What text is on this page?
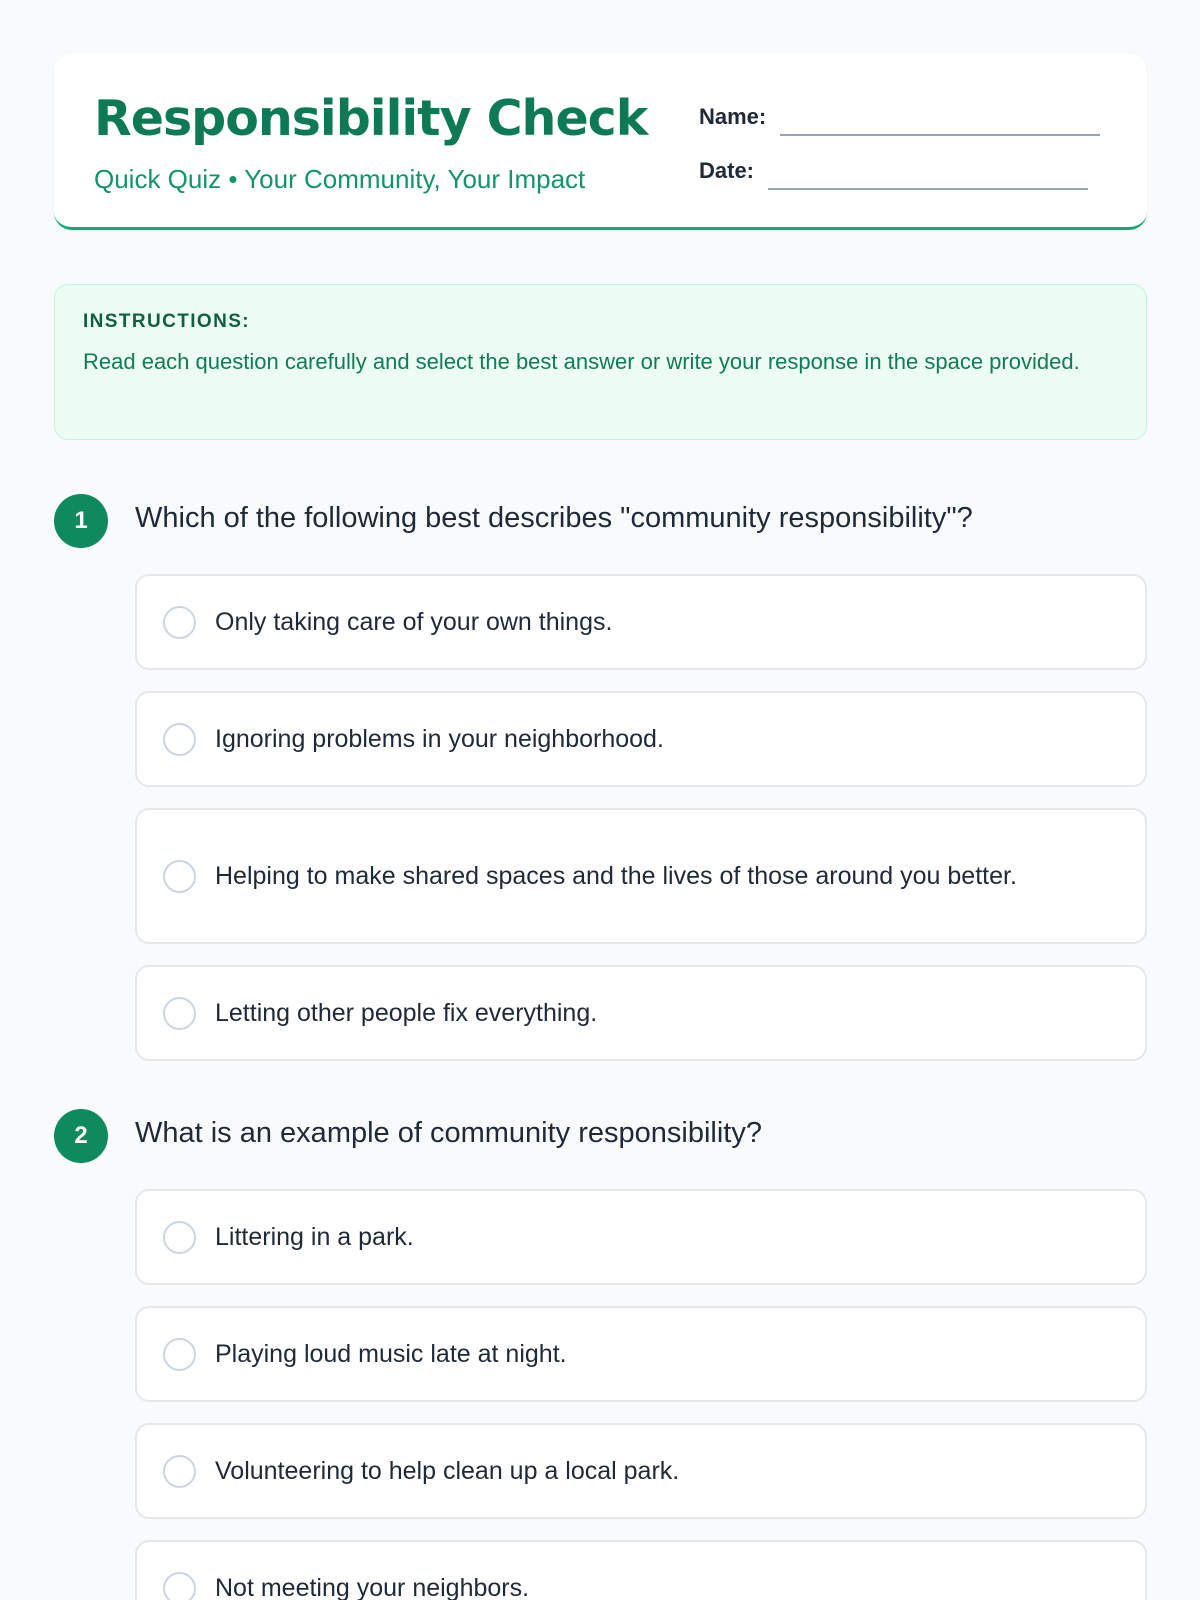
Responsibility Check
Quick Quiz • Your Community, Your Impact
Name:
Date:
INSTRUCTIONS:
Read each question carefully and select the best answer or write your response in the space provided.
1	Which of the following best describes "community responsibility"?
Only taking care of your own things.
Ignoring problems in your neighborhood.
Helping to make shared spaces and the lives of those around you better.
Letting other people fix everything.
2	What is an example of community responsibility?
Littering in a park.
Playing loud music late at night.
Volunteering to help clean up a local park.
Not meeting your neighbors.
